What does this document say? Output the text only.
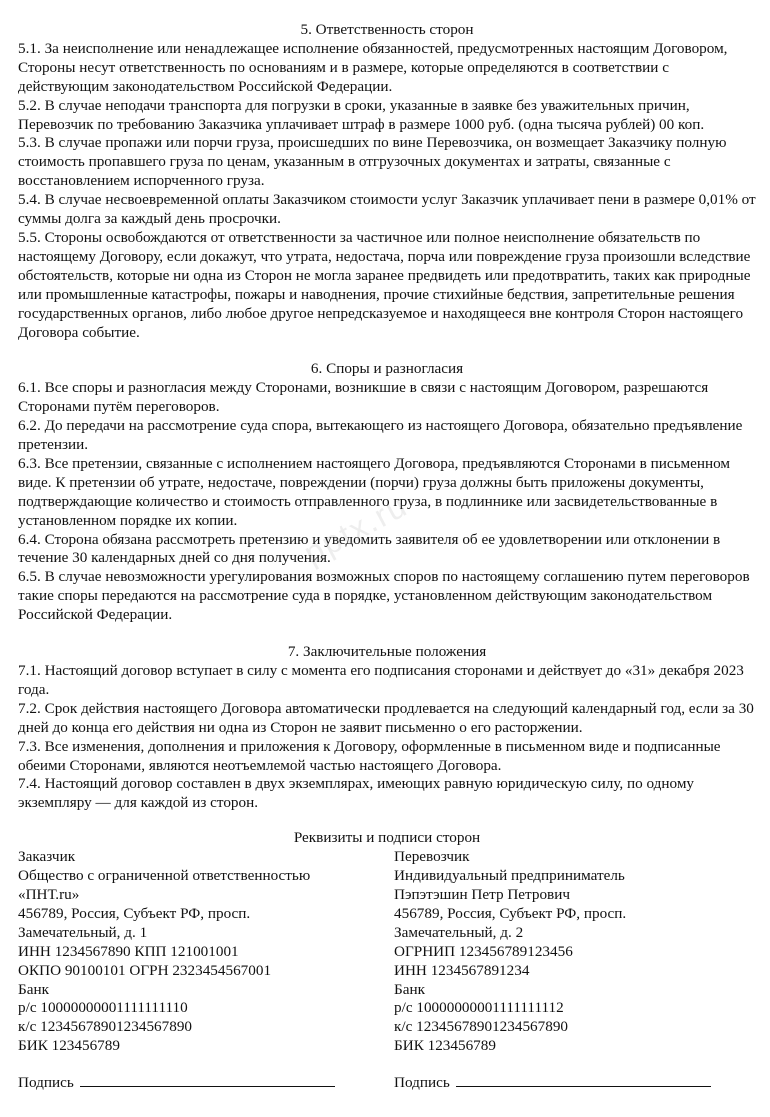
pptx.ru

5. Ответственность сторон

5.1. За неисполнение или ненадлежащее исполнение обязанностей, предусмотренных настоящим Договором, Стороны несут ответственность по основаниям и в размере, которые определяются в соответствии с действующим законодательством Российской Федерации.

5.2. В случае неподачи транспорта для погрузки в сроки, указанные в заявке без уважительных причин, Перевозчик по требованию Заказчика уплачивает штраф в размере 1000 руб. (одна тысяча рублей) 00 коп.

5.3. В случае пропажи или порчи груза, происшедших по вине Перевозчика, он возмещает Заказчику полную стоимость пропавшего груза по ценам, указанным в отгрузочных документах и затраты, связанные с восстановлением испорченного груза.

5.4. В случае несвоевременной оплаты Заказчиком стоимости услуг Заказчик уплачивает пени в размере 0,01% от суммы долга за каждый день просрочки.

5.5. Стороны освобождаются от ответственности за частичное или полное неисполнение обязательств по настоящему Договору, если докажут, что утрата, недостача, порча или повреждение груза произошли вследствие обстоятельств, которые ни одна из Сторон не могла заранее предвидеть или предотвратить, таких как природные или промышленные катастрофы, пожары и наводнения, прочие стихийные бедствия, запретительные решения государственных органов, либо любое другое непредсказуемое и находящееся вне контроля Сторон настоящего Договора событие.

6. Споры и разногласия

6.1. Все споры и разногласия между Сторонами, возникшие в связи с настоящим Договором, разрешаются Сторонами путём переговоров.

6.2. До передачи на рассмотрение суда спора, вытекающего из настоящего Договора, обязательно предъявление претензии.

6.3. Все претензии, связанные с исполнением настоящего Договора, предъявляются Сторонами в письменном виде. К претензии об утрате, недостаче, повреждении (порчи) груза должны быть приложены документы, подтверждающие количество и стоимость отправленного груза, в подлиннике или засвидетельствованные в установленном порядке их копии.

6.4. Сторона обязана рассмотреть претензию и уведомить заявителя об ее удовлетворении или отклонении в течение 30 календарных дней со дня получения.

6.5. В случае невозможности урегулирования возможных споров по настоящему соглашению путем переговоров такие споры передаются на рассмотрение суда в порядке, установленном действующим законодательством Российской Федерации.

7. Заключительные положения

7.1. Настоящий договор вступает в силу с момента его подписания сторонами и действует до «31» декабря 2023 года.

7.2. Срок действия настоящего Договора автоматически продлевается на следующий календарный год, если за 30 дней до конца его действия ни одна из Сторон не заявит письменно о его расторжении.

7.3. Все изменения, дополнения и приложения к Договору, оформленные в письменном виде и подписанные обеими Сторонами, являются неотъемлемой частью настоящего Договора.

7.4. Настоящий договор составлен в двух экземплярах, имеющих равную юридическую силу, по одному экземпляру — для каждой из сторон.

Реквизиты и подписи сторон

Заказчик

Общество с ограниченной ответственностью

«ПНТ.ru»

456789, Россия, Субъект РФ, просп.

Замечательный, д. 1

ИНН 1234567890 КПП 121001001

ОКПО 90100101 ОГРН 2323454567001

Банк

р/с 10000000001111111110

к/с 12345678901234567890

БИК 123456789

Перевозчик

Индивидуальный предприниматель

Пэпэтэшин Петр Петрович

456789, Россия, Субъект РФ, просп.

Замечательный, д. 2

ОГРНИП 123456789123456

ИНН 1234567891234

Банк

р/с 10000000001111111112

к/с 12345678901234567890

БИК 123456789

Подпись	Подпись
